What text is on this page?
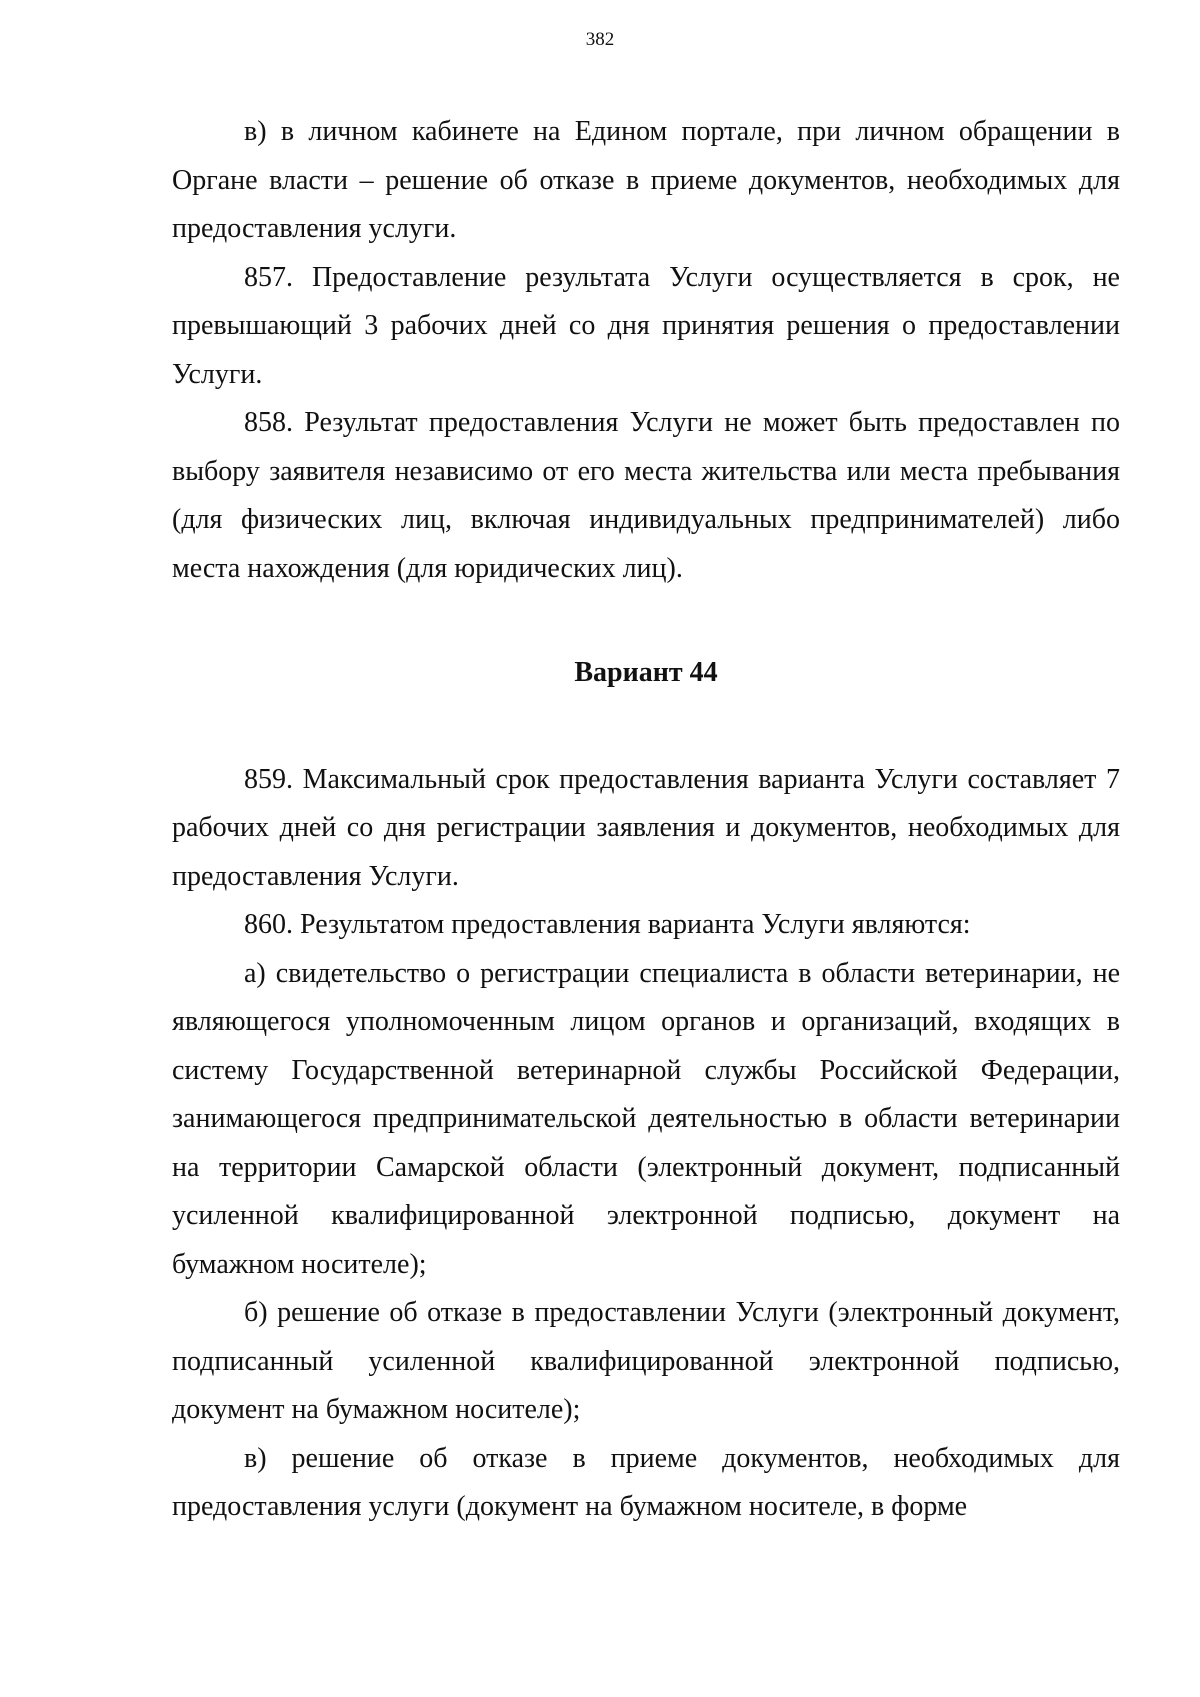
382

в) в личном кабинете на Едином портале, при личном обращении в Органе власти – решение об отказе в приеме документов, необходимых для предоставления услуги.

857. Предоставление результата Услуги осуществляется в срок, не превышающий 3 рабочих дней со дня принятия решения о предоставлении Услуги.

858. Результат предоставления Услуги не может быть предоставлен по выбору заявителя независимо от его места жительства или места пребывания (для физических лиц, включая индивидуальных предпринимателей) либо места нахождения (для юридических лиц).

Вариант 44

859. Максимальный срок предоставления варианта Услуги составляет 7 рабочих дней со дня регистрации заявления и документов, необходимых для предоставления Услуги.

860. Результатом предоставления варианта Услуги являются:

а) свидетельство о регистрации специалиста в области ветеринарии, не являющегося уполномоченным лицом органов и организаций, входящих в систему Государственной ветеринарной службы Российской Федерации, занимающегося предпринимательской деятельностью в области ветеринарии на территории Самарской области (электронный документ, подписанный усиленной квалифицированной электронной подписью, документ на бумажном носителе);

б) решение об отказе в предоставлении Услуги (электронный документ, подписанный усиленной квалифицированной электронной подписью, документ на бумажном носителе);

в) решение об отказе в приеме документов, необходимых для предоставления услуги (документ на бумажном носителе, в форме
